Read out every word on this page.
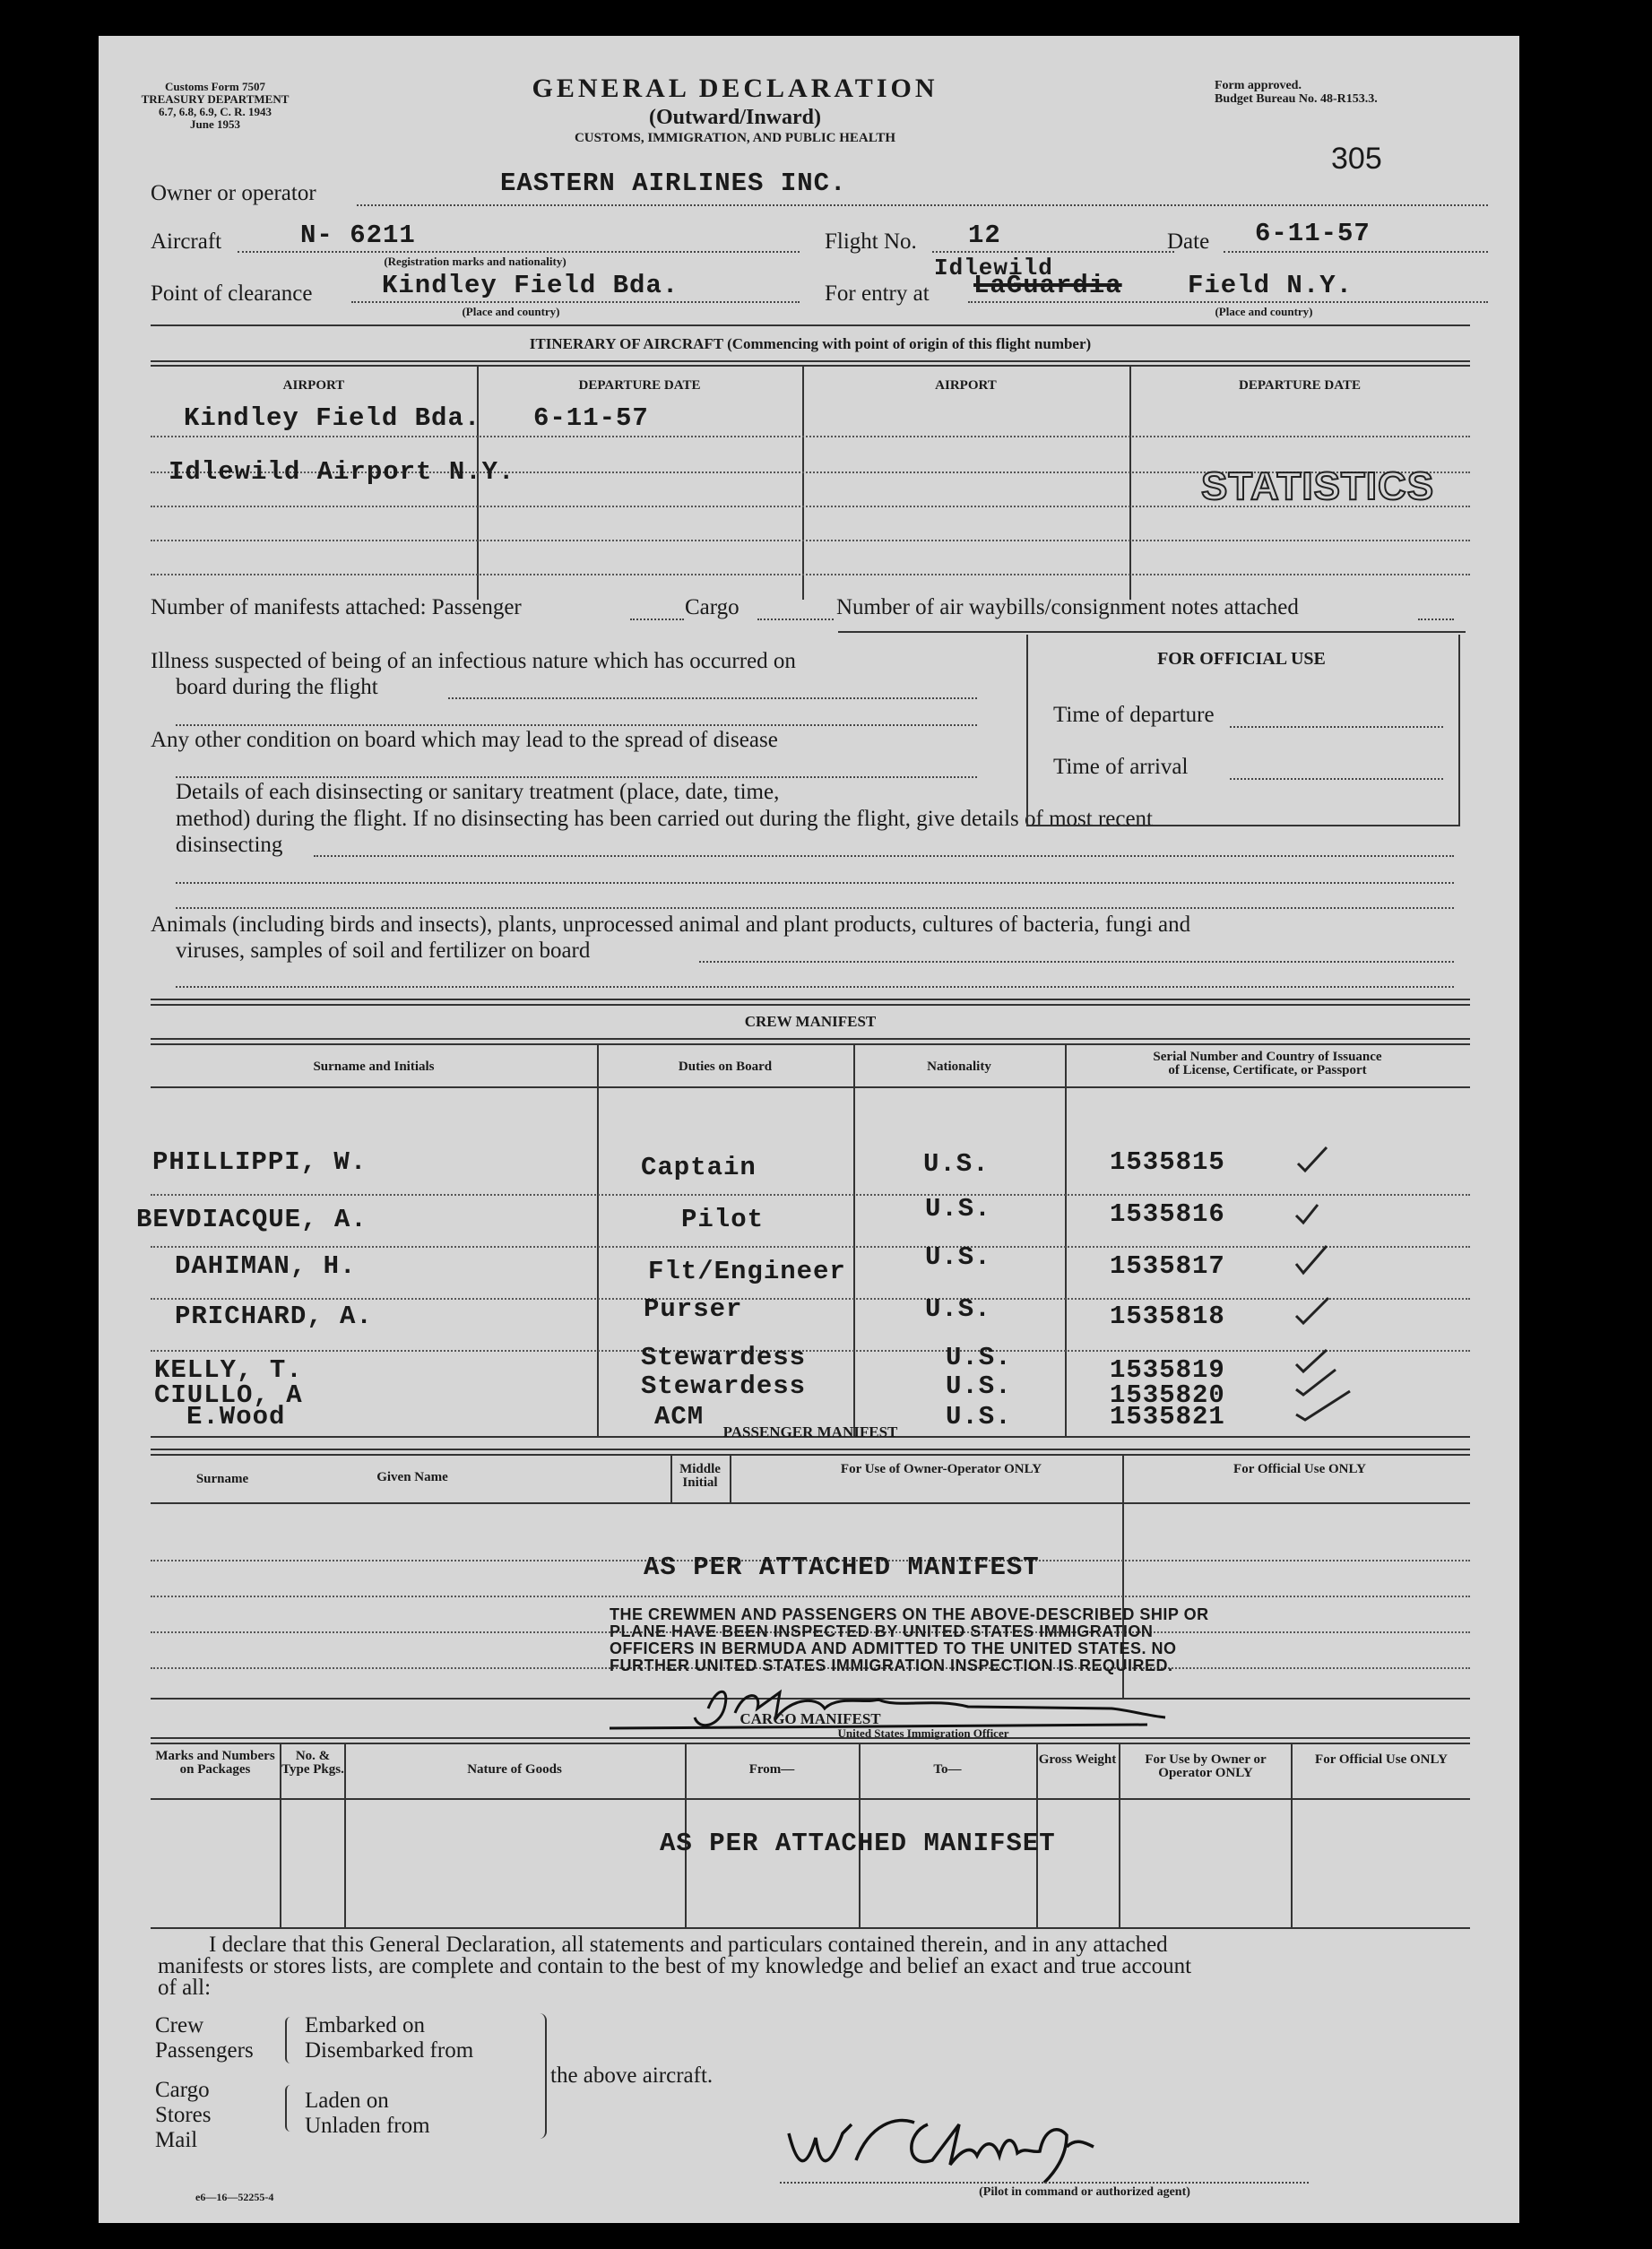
Customs Form 7507
TREASURY DEPARTMENT
6.7, 6.8, 6.9, C. R. 1943
June 1953
GENERAL DECLARATION
(Outward/Inward)
CUSTOMS, IMMIGRATION, AND PUBLIC HEALTH
Form approved.
Budget Bureau No. 48-R153.3.
305
Owner or operator	EASTERN AIRLINES INC.
Aircraft	N- 6211
(Registration marks and nationality)
Flight No. 12	Date 6-11-57
Point of clearance	Kindley Field Bda.
(Place and country)
For entry at
Idlewild
LaGuardia	Field N.Y.
(Place and country)
ITINERARY OF AIRCRAFT (Commencing with point of origin of this flight number)
AIRPORT	DEPARTURE DATE	AIRPORT	DEPARTURE DATE
Kindley Field Bda. 6-11-57
Idlewild Airport N.Y.	STATISTICS
Number of manifests attached: Passenger	Cargo	Number of air waybills/consignment notes attached
Illness suspected of being of an infectious nature which has occurred on
board during the flight
Any other condition on board which may lead to the spread of disease
Details of each disinsecting or sanitary treatment (place, date, time,
method) during the flight. If no disinsecting has been carried out during the flight, give details of most recent
disinsecting
FOR OFFICIAL USE
Time of departure
Time of arrival
Animals (including birds and insects), plants, unprocessed animal and plant products, cultures of bacteria, fungi and
viruses, samples of soil and fertilizer on board
CREW MANIFEST
Surname and Initials	Duties on Board	Nationality
Serial Number and Country of Issuance
of License, Certificate, or Passport
PHILLIPPI, W.	Captain	U.S.	1535815
BEVDIACQUE, A.	Pilot	U.S.	1535816
DAHIMAN, H.	Flt/Engineer	U.S.	1535817
PRICHARD, A.	Purser	U.S.	1535818
KELLY, T.	Stewardess	U.S.	1535819
CIULLO, A	Stewardess	U.S.	1535820
E.Wood	ACM	U.S.	1535821
PASSENGER MANIFEST
Surname	Given Name
Middle Initial
For Use of Owner-Operator ONLY	For Official Use ONLY
AS PER ATTACHED MANIFEST
THE CREWMEN AND PASSENGERS ON THE ABOVE-DESCRIBED SHIP OR
PLANE HAVE BEEN INSPECTED BY UNITED STATES IMMIGRATION
OFFICERS IN BERMUDA AND ADMITTED TO THE UNITED STATES. NO
FURTHER UNITED STATES IMMIGRATION INSPECTION IS REQUIRED.
United States Immigration Officer
CARGO MANIFEST
Marks and Numbers on Packages
No. & Type Pkgs.	Nature of Goods	From—	To—
Gross Weight	For Use by Owner or Operator ONLY
For Official Use ONLY
AS PER ATTACHED MANIFSET
I declare that this General Declaration, all statements and particulars contained therein, and in any attached
manifests or stores lists, are complete and contain to the best of my knowledge and belief an exact and true account
of all:
Crew
Passengers
Embarked on
Disembarked from
the above aircraft.
Cargo
Stores
Mail
Laden on
Unladen from
(Pilot in command or authorized agent)
e6—16—52255-4
